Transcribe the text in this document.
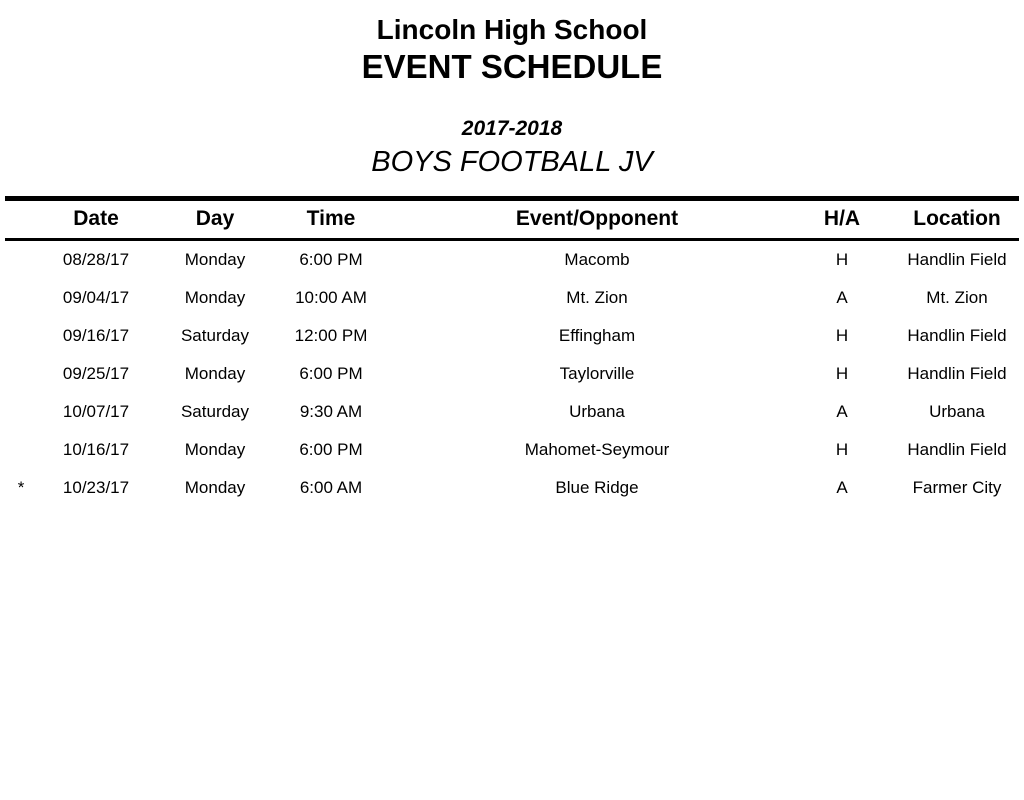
Lincoln High School
EVENT SCHEDULE
2017-2018
BOYS FOOTBALL JV
	Date	Day	Time	Event/Opponent	H/A	Location
	08/28/17	Monday	6:00 PM	Macomb	H	Handlin Field
	09/04/17	Monday	10:00 AM	Mt. Zion	A	Mt. Zion
	09/16/17	Saturday	12:00 PM	Effingham	H	Handlin Field
	09/25/17	Monday	6:00 PM	Taylorville	H	Handlin Field
	10/07/17	Saturday	9:30 AM	Urbana	A	Urbana
	10/16/17	Monday	6:00 PM	Mahomet-Seymour	H	Handlin Field
*	10/23/17	Monday	6:00 AM	Blue Ridge	A	Farmer City
